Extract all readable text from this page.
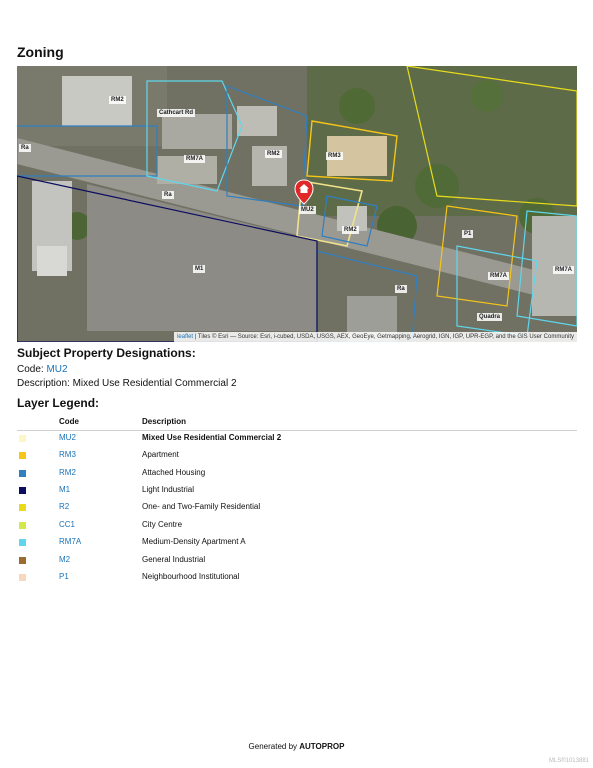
Zoning
RM2
RM7A
RM2	RM3
MU2
RM2
M1
P1
RM7A
RM7A
Ra
Cathcart Rd
Ra
Ra
Quadra
leaflet | Tiles © Esri — Source: Esri, i-cubed, USDA, USGS, AEX, GeoEye, Getmapping, Aerogrid, IGN, IGP, UPR-EGP, and the GIS User Community
Subject Property Designations:
Code: MU2
Description: Mixed Use Residential Commercial 2
Layer Legend:
Code	Description
MU2	Mixed Use Residential Commercial 2
RM3	Apartment
RM2	Attached Housing
M1	Light Industrial
R2	One- and Two-Family Residential
CC1	City Centre
RM7A	Medium-Density Apartment A
M2	General Industrial
P1	Neighbourhood Institutional
Generated by AUTOPROP
MLS®1013881
